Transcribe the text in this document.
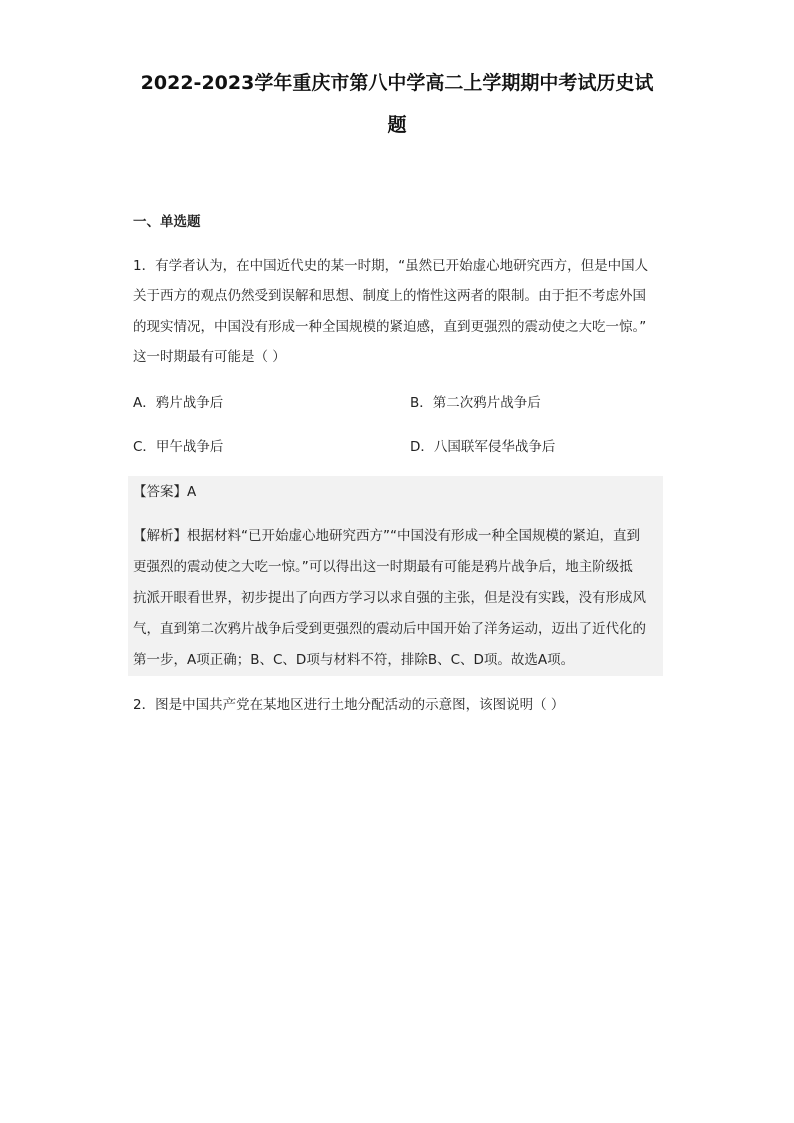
2022-2023学年重庆市第八中学高二上学期期中考试历史试
题
一、单选题
1．有学者认为，在中国近代史的某一时期，“虽然已开始虚心地研究西方，但是中国人
关于西方的观点仍然受到误解和思想、制度上的惰性这两者的限制。由于拒不考虑外国
的现实情况，中国没有形成一种全国规模的紧迫感，直到更强烈的震动使之大吃一惊。”
这一时期最有可能是（ ）
A．鸦片战争后	B．第二次鸦片战争后
C．甲午战争后	D．八国联军侵华战争后
【答案】A
【解析】根据材料“已开始虚心地研究西方”“中国没有形成一种全国规模的紧迫，直到
更强烈的震动使之大吃一惊。”可以得出这一时期最有可能是鸦片战争后，地主阶级抵
抗派开眼看世界，初步提出了向西方学习以求自强的主张，但是没有实践，没有形成风
气，直到第二次鸦片战争后受到更强烈的震动后中国开始了洋务运动，迈出了近代化的
第一步，A项正确；B、C、D项与材料不符，排除B、C、D项。故选A项。
2．图是中国共产党在某地区进行土地分配活动的示意图，该图说明（ ）
